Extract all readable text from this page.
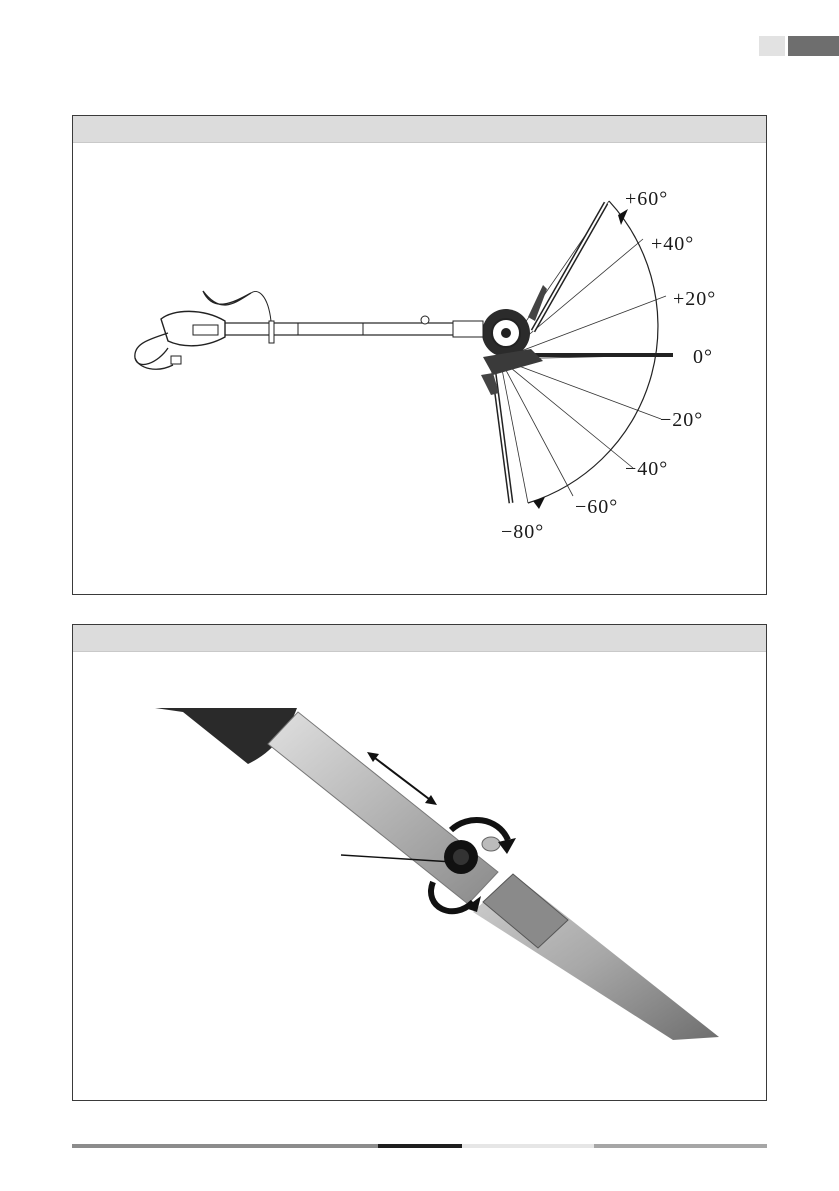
+60°
+40°
+20°
0°
−20°
−40°
−60°
−80°
